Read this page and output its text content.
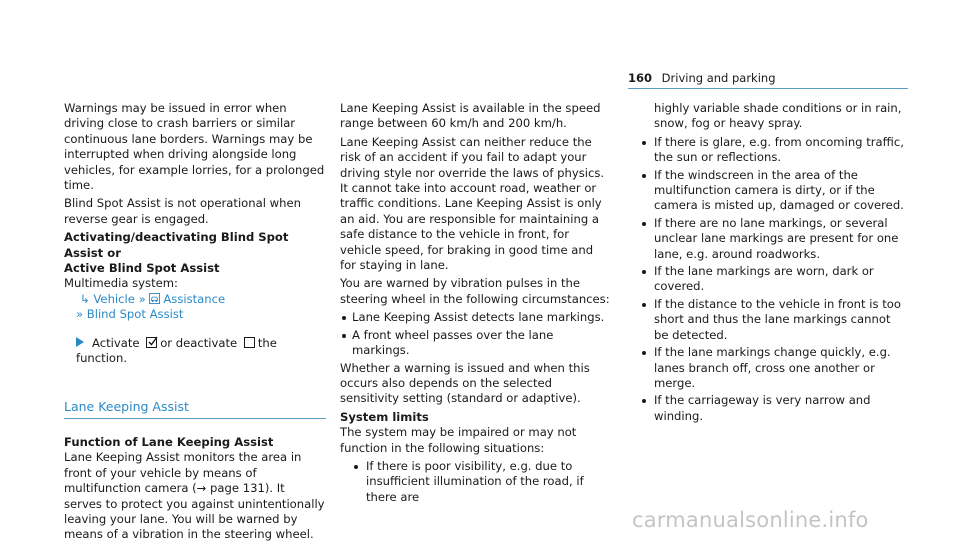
160 Driving and parking

Warnings may be issued in error when driving close to crash barriers or similar continuous lane borders. Warnings may be interrupted when driving alongside long vehicles, for example lorries, for a prolonged time.

Blind Spot Assist is not operational when reverse gear is engaged.

Activating/deactivating Blind Spot Assist or

Active Blind Spot Assist

Multimedia system:

↳ Vehicle » Assistance

» Blind Spot Assist

Activate or deactivate the function.

Lane Keeping Assist

Function of Lane Keeping Assist

Lane Keeping Assist monitors the area in front of your vehicle by means of multifunction camera (→ page 131). It serves to protect you against unintentionally leaving your lane. You will be warned by means of a vibration in the steering wheel.

Lane Keeping Assist is available in the speed range between 60 km/h and 200 km/h.

Lane Keeping Assist can neither reduce the risk of an accident if you fail to adapt your driving style nor override the laws of physics. It cannot take into account road, weather or traffic conditions. Lane Keeping Assist is only an aid. You are responsible for maintaining a safe distance to the vehicle in front, for vehicle speed, for braking in good time and for staying in lane.

You are warned by vibration pulses in the steering wheel in the following circumstances:

Lane Keeping Assist detects lane markings.
A front wheel passes over the lane markings.

Whether a warning is issued and when this occurs also depends on the selected sensitivity setting (standard or adaptive).

System limits

The system may be impaired or may not function in the following situations:

If there is poor visibility, e.g. due to insufficient illumination of the road, if there are

highly variable shade conditions or in rain, snow, fog or heavy spray.

If there is glare, e.g. from oncoming traffic, the sun or reflections.
If the windscreen in the area of the multifunction camera is dirty, or if the camera is misted up, damaged or covered.
If there are no lane markings, or several unclear lane markings are present for one lane, e.g. around roadworks.
If the lane markings are worn, dark or covered.
If the distance to the vehicle in front is too short and thus the lane markings cannot be detected.
If the lane markings change quickly, e.g. lanes branch off, cross one another or merge.
If the carriageway is very narrow and winding.
carmanualsonline.info
